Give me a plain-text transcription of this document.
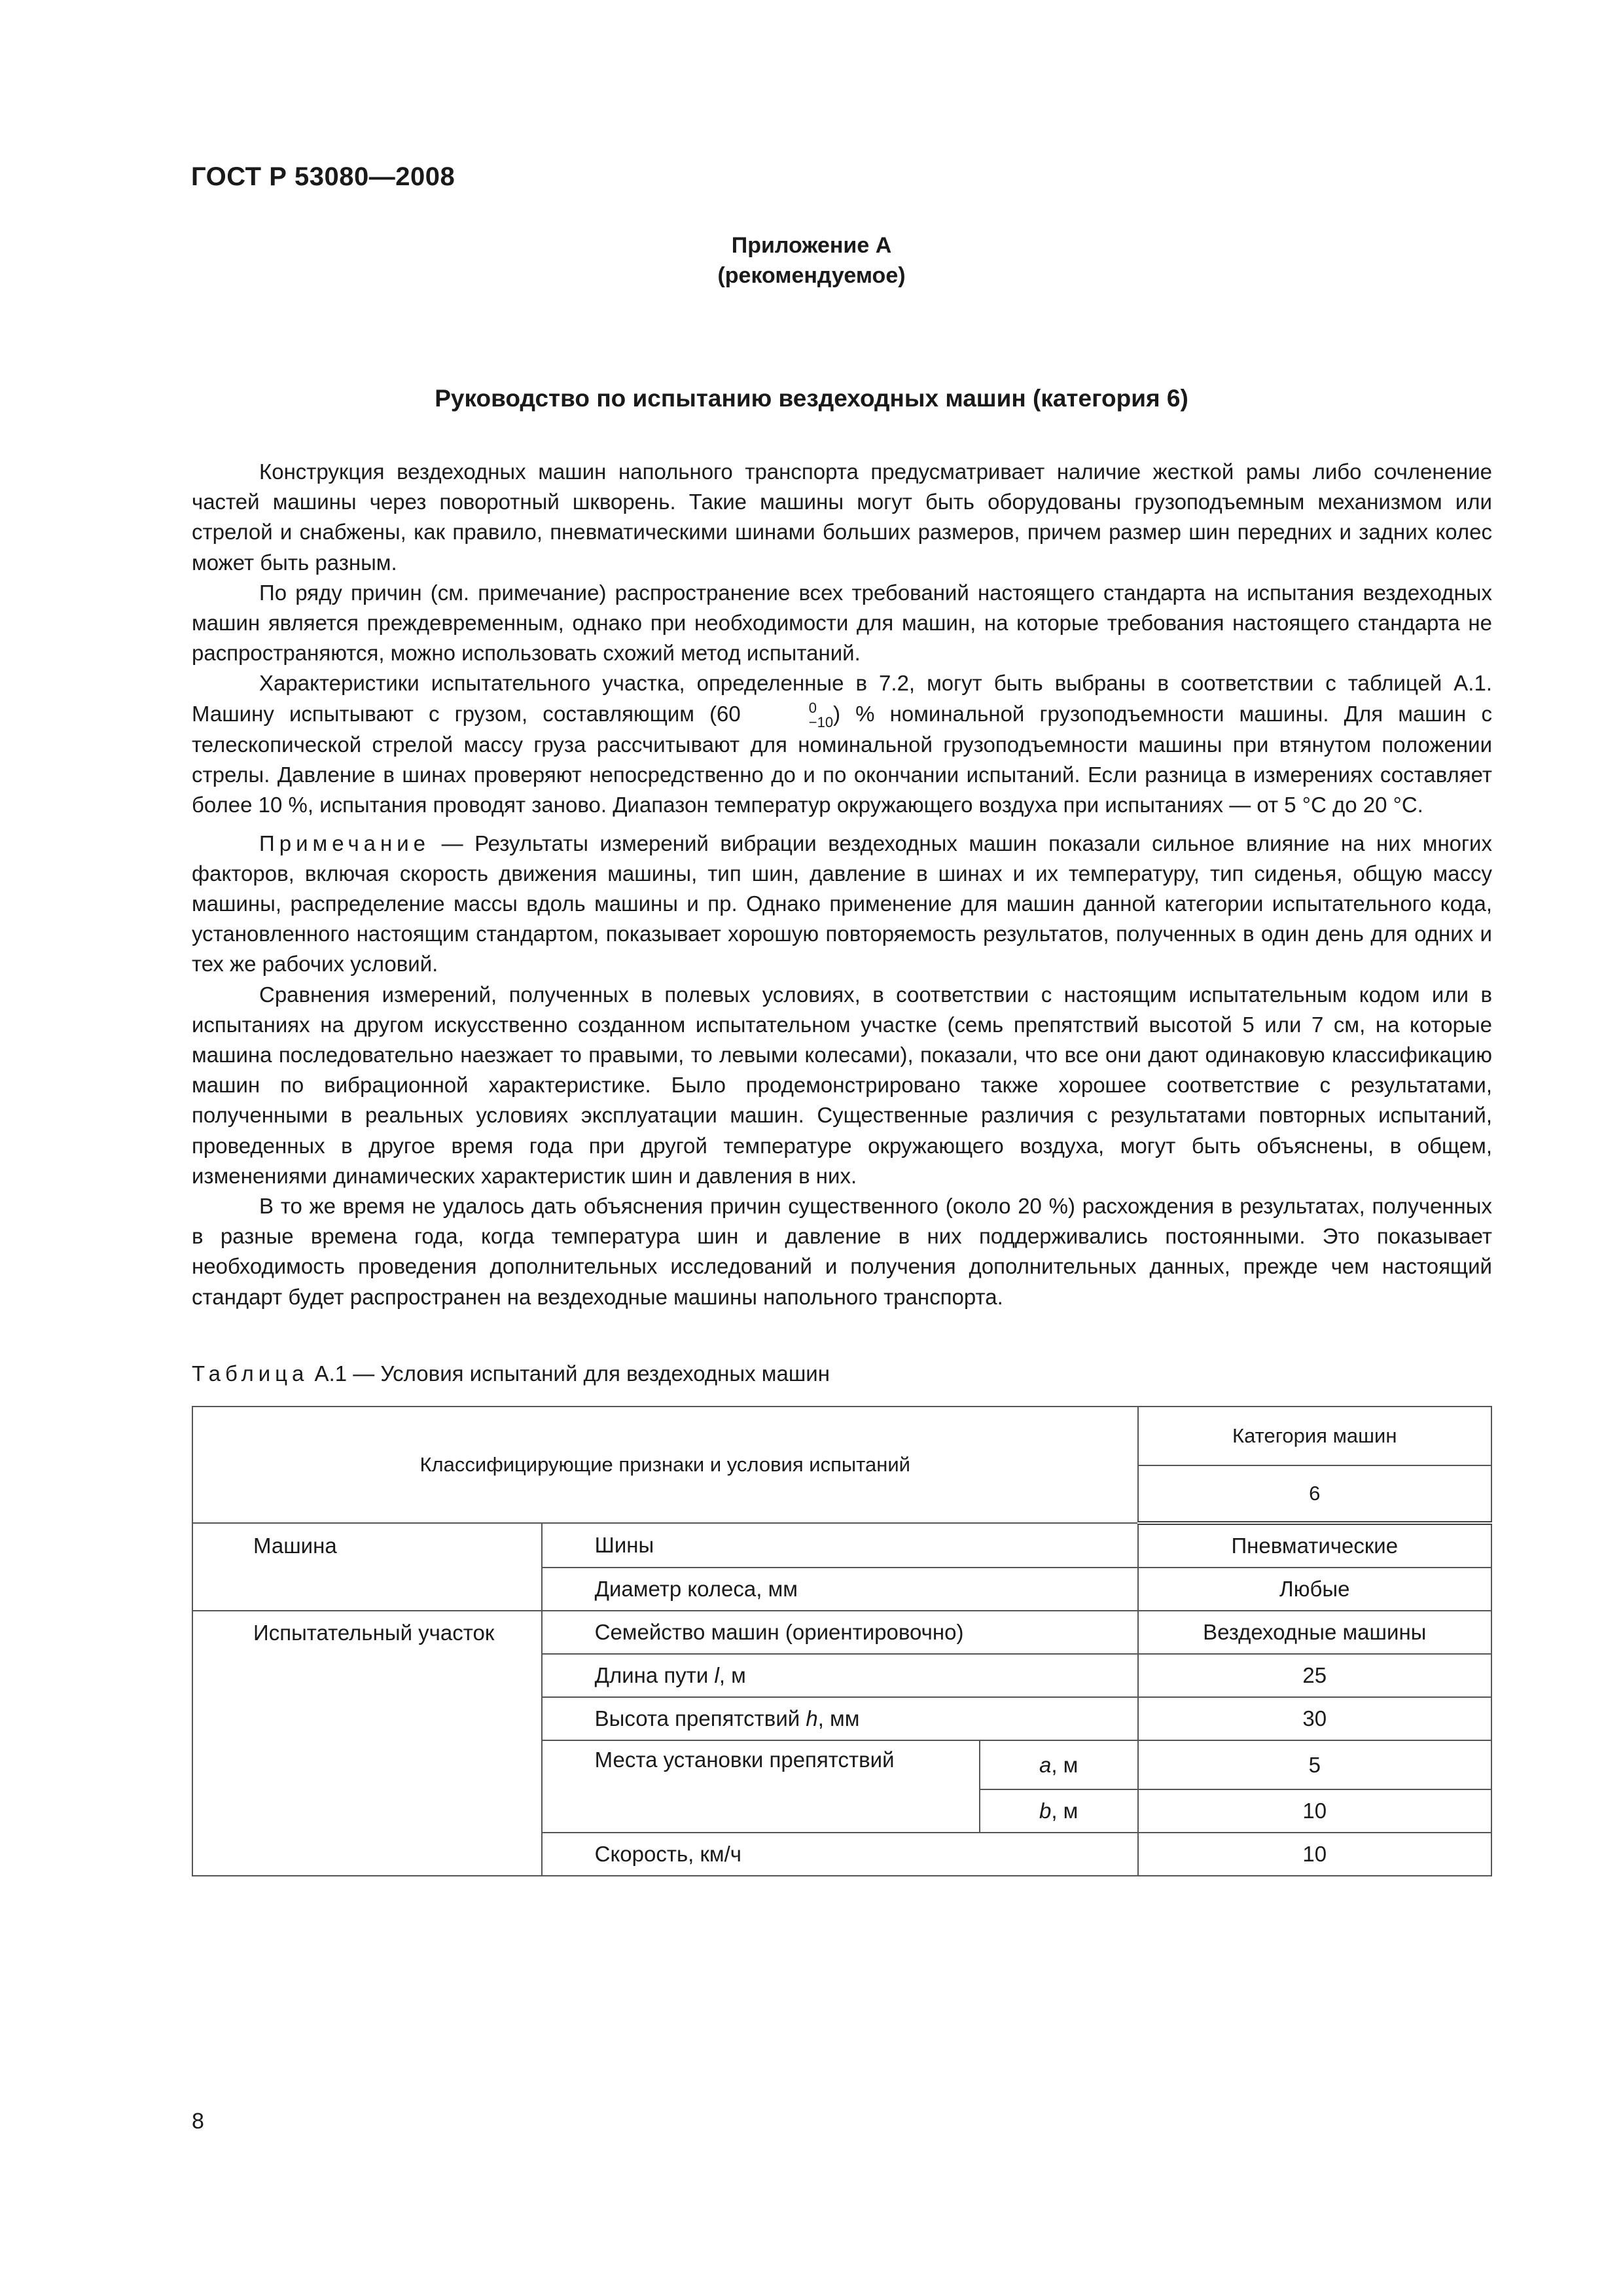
ГОСТ Р 53080—2008
Приложение А
(рекомендуемое)
Руководство по испытанию вездеходных машин (категория 6)

Конструкция вездеходных машин напольного транспорта предусматривает наличие жесткой рамы либо сочленение частей машины через поворотный шкворень. Такие машины могут быть оборудованы грузоподъемным механизмом или стрелой и снабжены, как правило, пневматическими шинами больших размеров, причем размер шин передних и задних колес может быть разным.

По ряду причин (см. примечание) распространение всех требований настоящего стандарта на испытания вездеходных машин является преждевременным, однако при необходимости для машин, на которые требования настоящего стандарта не распространяются, можно использовать схожий метод испытаний.

Характеристики испытательного участка, определенные в 7.2, могут быть выбраны в соответствии с таблицей А.1. Машину испытывают с грузом, составляющим (60	0
−10 ) % номинальной грузоподъемности машины. Для машин с телескопической стрелой массу груза рассчитывают для номинальной грузоподъемности машины при втянутом положении стрелы. Давление в шинах проверяют непосредственно до и по окончании испытаний. Если разница в измерениях составляет более 10 %, испытания проводят заново. Диапазон температур окружающего воздуха при испытаниях — от 5 °С до 20 °С.

Примечание — Результаты измерений вибрации вездеходных машин показали сильное влияние на них многих факторов, включая скорость движения машины, тип шин, давление в шинах и их температуру, тип сиденья, общую массу машины, распределение массы вдоль машины и пр. Однако применение для машин данной категории испытательного кода, установленного настоящим стандартом, показывает хорошую повторяемость результатов, полученных в один день для одних и тех же рабочих условий.

Сравнения измерений, полученных в полевых условиях, в соответствии с настоящим испытательным кодом или в испытаниях на другом искусственно созданном испытательном участке (семь препятствий высотой 5 или 7 см, на которые машина последовательно наезжает то правыми, то левыми колесами), показали, что все они дают одинаковую классификацию машин по вибрационной характеристике. Было продемонстрировано также хорошее соответствие с результатами, полученными в реальных условиях эксплуатации машин. Существенные различия с результатами повторных испытаний, проведенных в другое время года при другой температуре окружающего воздуха, могут быть объяснены, в общем, изменениями динамических характеристик шин и давления в них.

В то же время не удалось дать объяснения причин существенного (около 20 %) расхождения в результатах, полученных в разные времена года, когда температура шин и давление в них поддерживались постоянными. Это показывает необходимость проведения дополнительных исследований и получения дополнительных данных, прежде чем настоящий стандарт будет распространен на вездеходные машины напольного транспорта.

Таблица А.1 — Условия испытаний для вездеходных машин
Классифицирующие признаки и условия испытаний			Категория машин
			6
Машина	Шины		Пневматические
	Диаметр колеса, мм		Любые
Испытательный участок	Семейство машин (ориентировочно)		Вездеходные машины
	Длина пути l, м		25
	Высота препятствий h, мм		30
	Места установки препятствий	a, м	5
		b, м	10
	Скорость, км/ч		10
8
